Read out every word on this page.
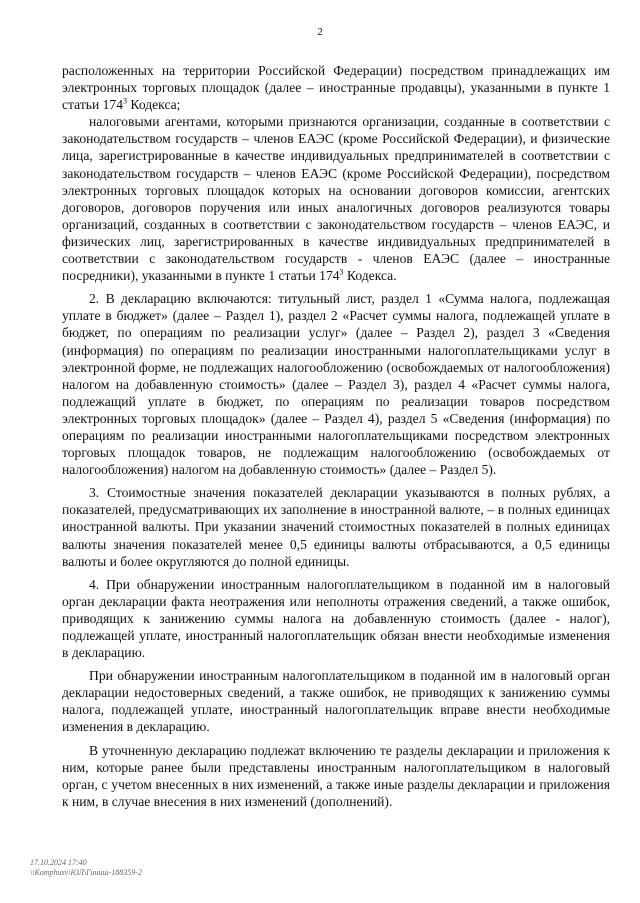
2

расположенных на территории Российской Федерации) посредством принадлежащих им электронных торговых площадок (далее – иностранные продавцы), указанными в пункте 1 статьи $174^3$ Кодекса;

налоговыми агентами, которыми признаются организации, созданные в соответствии с законодательством государств – членов ЕАЭС (кроме Российской Федерации), и физические лица, зарегистрированные в качестве индивидуальных предпринимателей в соответствии с законодательством государств – членов ЕАЭС (кроме Российской Федерации), посредством электронных торговых площадок которых на основании договоров комиссии, агентских договоров, договоров поручения или иных аналогичных договоров реализуются товары организаций, созданных в соответствии с законодательством государств – членов ЕАЭС, и физических лиц, зарегистрированных в качестве индивидуальных предпринимателей в соответствии с законодательством государств - членов ЕАЭС (далее – иностранные посредники), указанными в пункте 1 статьи $174^3$ Кодекса.

2. В декларацию включаются: титульный лист, раздел 1 «Сумма налога, подлежащая уплате в бюджет» (далее – Раздел 1), раздел 2 «Расчет суммы налога, подлежащей уплате в бюджет, по операциям по реализации услуг» (далее – Раздел 2), раздел 3 «Сведения (информация) по операциям по реализации иностранными налогоплательщиками услуг в электронной форме, не подлежащих налогообложению (освобождаемых от налогообложения) налогом на добавленную стоимость» (далее – Раздел 3), раздел 4 «Расчет суммы налога, подлежащий уплате в бюджет, по операциям по реализации товаров посредством электронных торговых площадок» (далее – Раздел 4), раздел 5 «Сведения (информация) по операциям по реализации иностранными налогоплательщиками посредством электронных торговых площадок товаров, не подлежащим налогообложению (освобождаемых от налогообложения) налогом на добавленную стоимость» (далее – Раздел 5).

3. Стоимостные значения показателей декларации указываются в полных рублях, а показателей, предусматривающих их заполнение в иностранной валюте, – в полных единицах иностранной валюты. При указании значений стоимостных показателей в полных единицах валюты значения показателей менее 0,5 единицы валюты отбрасываются, а 0,5 единицы валюты и более округляются до полной единицы.

4. При обнаружении иностранным налогоплательщиком в поданной им в налоговый орган декларации факта неотражения или неполноты отражения сведений, а также ошибок, приводящих к занижению суммы налога на добавленную стоимость (далее - налог), подлежащей уплате, иностранный налогоплательщик обязан внести необходимые изменения в декларацию.

При обнаружении иностранным налогоплательщиком в поданной им в налоговый орган декларации недостоверных сведений, а также ошибок, не приводящих к занижению суммы налога, подлежащей уплате, иностранный налогоплательщик вправе внести необходимые изменения в декларацию.

В уточненную декларацию подлежат включению те разделы декларации и приложения к ним, которые ранее были представлены иностранным налогоплательщиком в налоговый орган, с учетом внесенных в них изменений, а также иные разделы декларации и приложения к ним, в случае внесения в них изменений (дополнений).

17.10.2024 17:40
\\Komphusv\ЮЛ\Гиниш-188359-2
